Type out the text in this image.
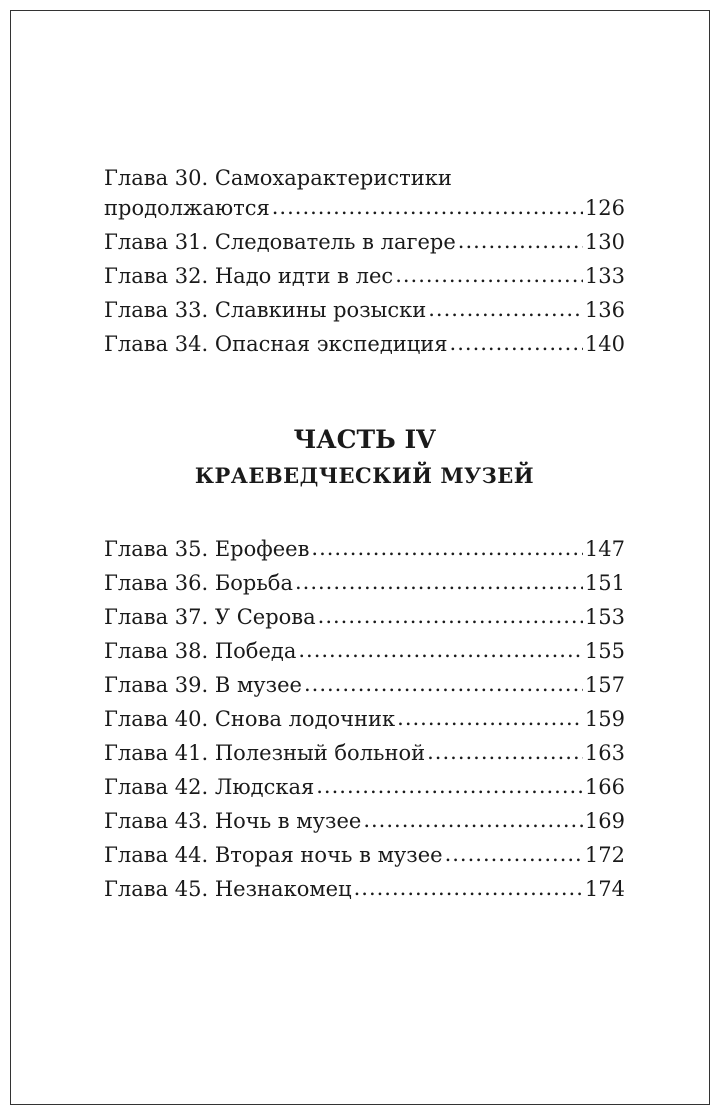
Глава 30. Самохарактеристики
продолжаются .....	126
Глава 31. Следователь в лагере .....	130
Глава 32. Надо идти в лес .....	133
Глава 33. Славкины розыски .....	136
Глава 34. Опасная экспедиция .....	140
ЧАСТЬ IV
КРАЕВЕДЧЕСКИЙ МУЗЕЙ
Глава 35. Ерофеев .....	147
Глава 36. Борьба .....	151
Глава 37. У Серова .....	153
Глава 38. Победа .....	155
Глава 39. В музее .....	157
Глава 40. Снова лодочник .....	159
Глава 41. Полезный больной .....	163
Глава 42. Людская .....	166
Глава 43. Ночь в музее .....	169
Глава 44. Вторая ночь в музее .....	172
Глава 45. Незнакомец .....	174
